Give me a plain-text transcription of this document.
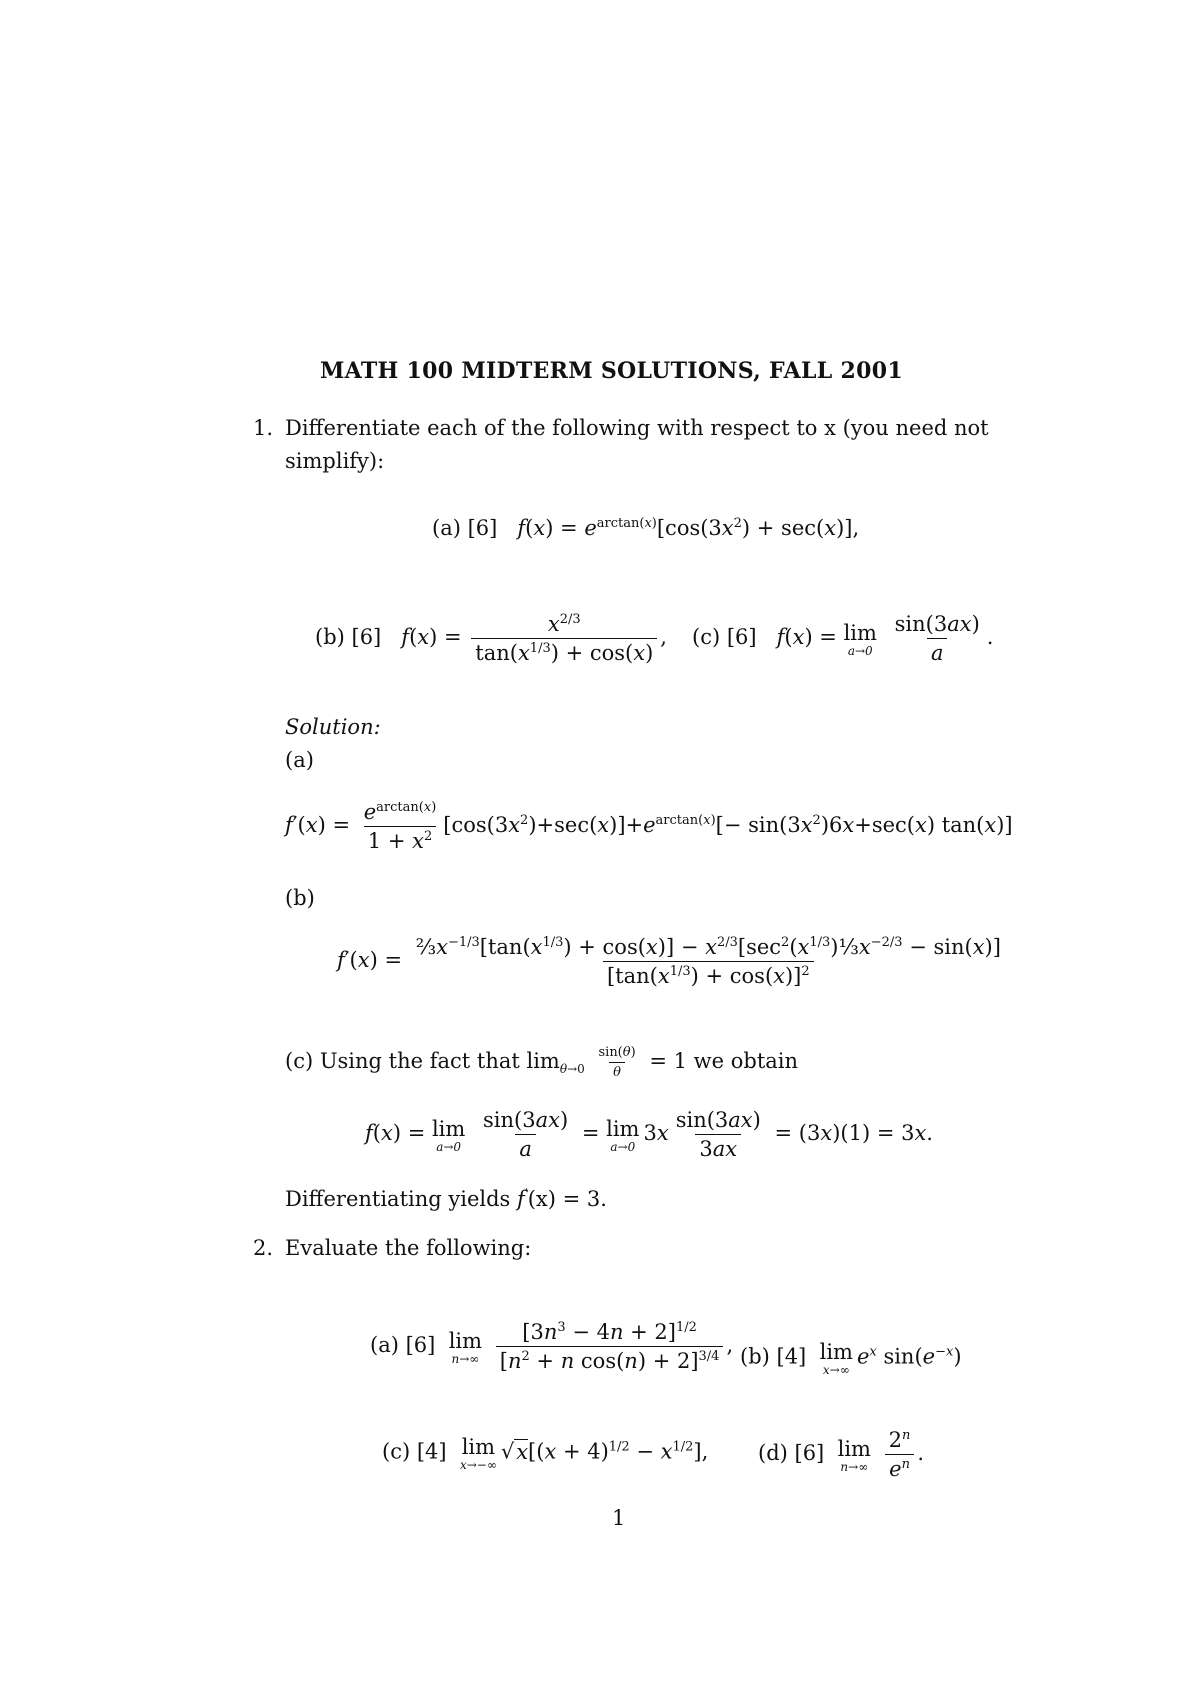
MATH 100 MIDTERM SOLUTIONS, FALL 2001
1. Differentiate each of the following with respect to x (you need not
simplify):
(a) [6] $f(x) = e^{arctan(x)}[\cos(3x^2) + \sec(x)]$,
(b) [6] $f(x) = \frac{x^{2/3}}{\tan(x^{1/3}) + \cos(x)}$ , (c) [6] f(x) = lim
a→0
$\frac{\sin(3ax)}{a}$ .
Solution:
(a)
$f'(x) = \frac{e^{arctan(x)}}{1 + x^2} [\cos(3x^2)+\sec(x)]+e^{arctan(x)}[- \sin(3x^2)6x+\sec(x)$ tan(x)]
(b)
$f'(x) = \frac{\frac{2}{3}x^{-1/3}[\tan(x^{1/3}) + \cos(x)] - x^{2/3}[\sec^2(x^{1/3})\frac{1}{3}x^{-2/3} - \sin(x)]}{[\tan(x^{1/3}) + \cos(x)]^2}$
(c) Using the fact that $\lim_{\theta\to 0} \frac{\sin(\theta)}{\theta} = 1$ we obtain
f(x) = lim
a→0
$\frac{\sin(3ax)}{a} = \lim$
a→0
$3x \frac{\sin(3ax)}{3ax} = (3x)(1) = 3x$.
Differentiating yields f′(x) = 3.
2. Evaluate the following:
(a) [6] lim
n→∞
$\frac{[3n^3 - 4n + 2]^{1/2}}{[n^2 + n \cos(n) + 2]^{3/4}}$ , (b) [4] lim
x→∞
$e^x$ $\sin(e^{-x})$
(c) [4] lim
x→−∞
$√x[(x + 4)^{1/2} - x^{1/2}]$, (d) [6] lim
n→∞
$\frac{2^n}{e^n}$ .
1
